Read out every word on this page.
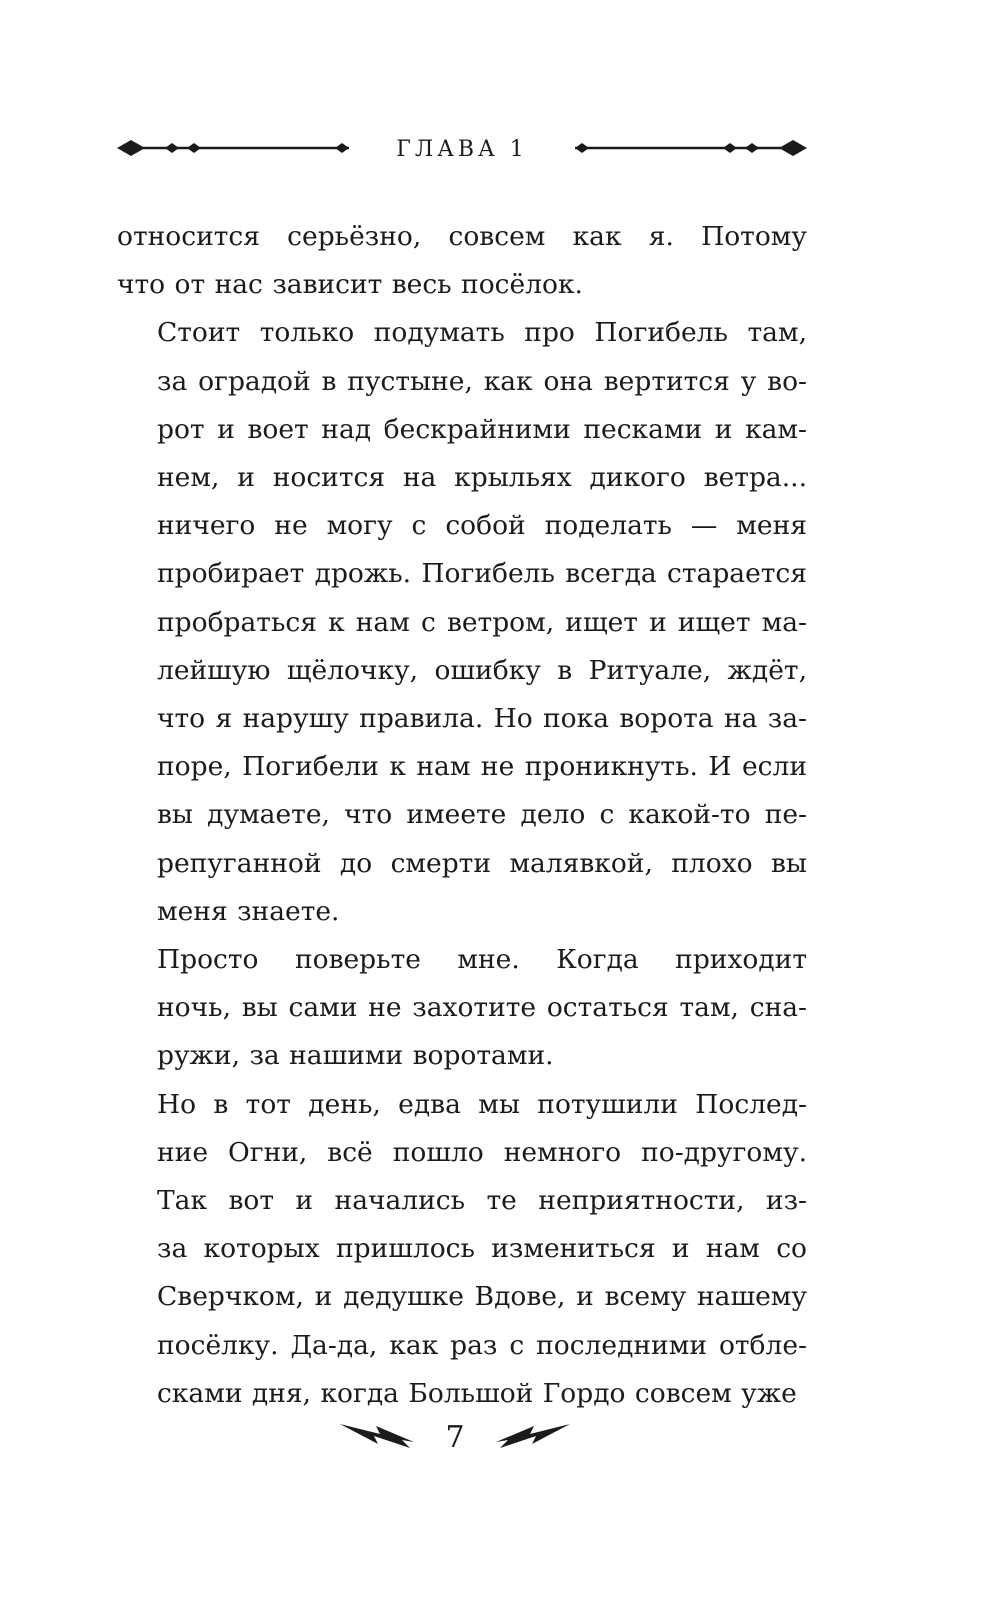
ГЛАВА 1

относится серьёзно, совсем как я. Потому
что от нас зависит весь посёлок.

Стоит только подумать про Погибель там,
за оградой в пустыне, как она вертится у во-
рот и воет над бескрайними песками и кам-
нем, и носится на крыльях дикого ветра...
ничего не могу с собой поделать — меня
пробирает дрожь. Погибель всегда старается
пробраться к нам с ветром, ищет и ищет ма-
лейшую щёлочку, ошибку в Ритуале, ждёт,
что я нарушу правила. Но пока ворота на за-
поре, Погибели к нам не проникнуть. И если
вы думаете, что имеете дело с какой-то пе-
репуганной до смерти малявкой, плохо вы
меня знаете.

Просто поверьте мне. Когда приходит
ночь, вы сами не захотите остаться там, сна-
ружи, за нашими воротами.

Но в тот день, едва мы потушили Послед-
ние Огни, всё пошло немного по-другому.
Так вот и начались те неприятности, из-
за которых пришлось измениться и нам со
Сверчком, и дедушке Вдове, и всему нашему
посёлку. Да-да, как раз с последними отбле-
сками дня, когда Большой Гордо совсем уже

7
